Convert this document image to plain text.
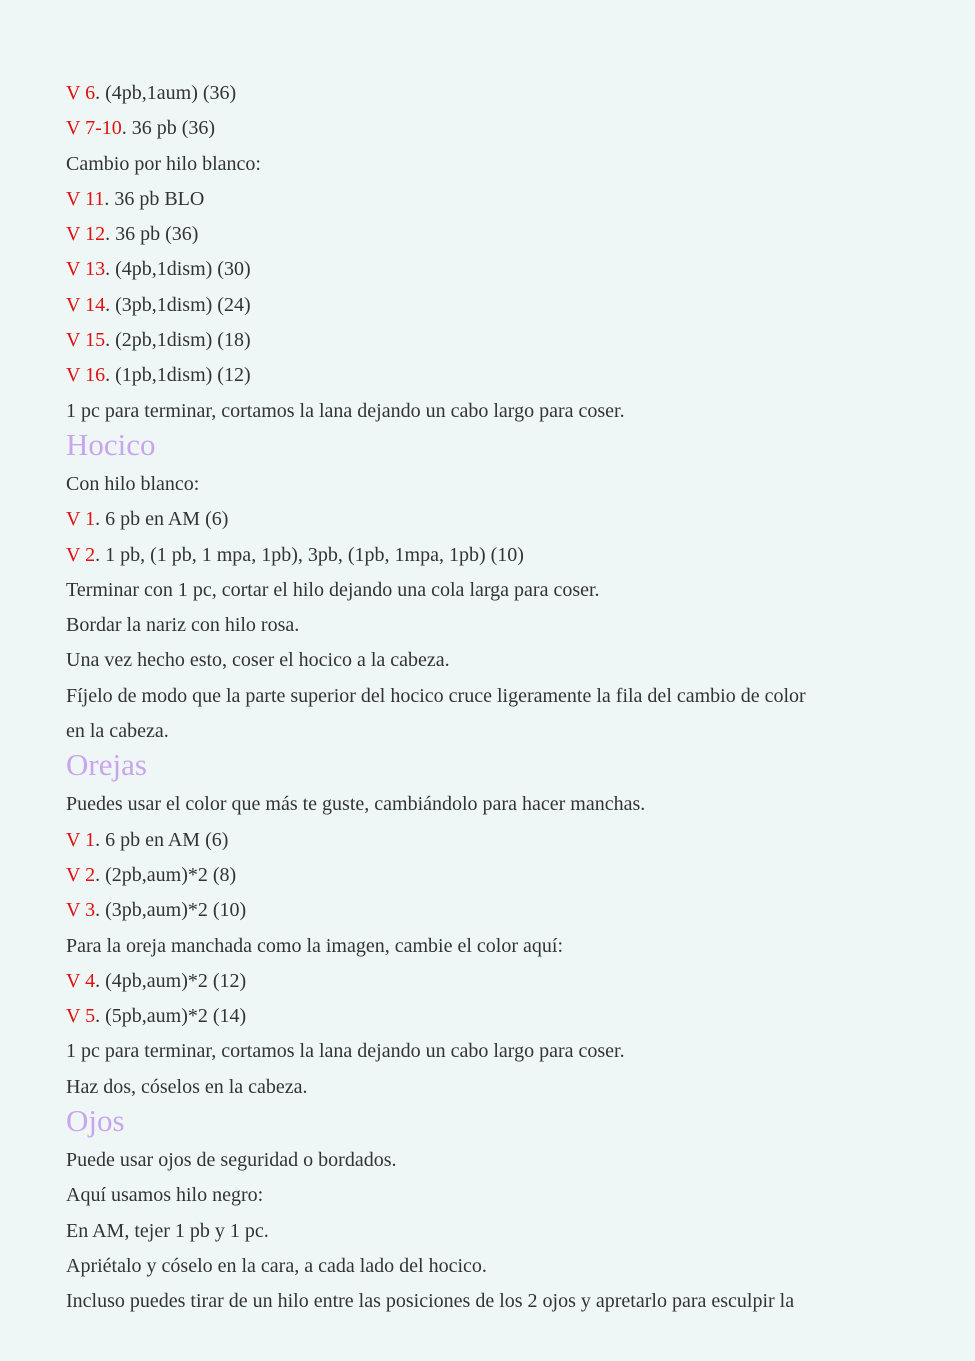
V 6. (4pb,1aum) (36)
V 7-10. 36 pb (36)
Cambio por hilo blanco:
V 11. 36 pb BLO
V 12. 36 pb (36)
V 13. (4pb,1dism) (30)
V 14. (3pb,1dism) (24)
V 15. (2pb,1dism) (18)
V 16. (1pb,1dism) (12)
1 pc para terminar, cortamos la lana dejando un cabo largo para coser.
Hocico
Con hilo blanco:
V 1. 6 pb en AM (6)
V 2. 1 pb, (1 pb, 1 mpa, 1pb), 3pb, (1pb, 1mpa, 1pb) (10)
Terminar con 1 pc, cortar el hilo dejando una cola larga para coser.
Bordar la nariz con hilo rosa.
Una vez hecho esto, coser el hocico a la cabeza.
Fíjelo de modo que la parte superior del hocico cruce ligeramente la fila del cambio de color
en la cabeza.
Orejas
Puedes usar el color que más te guste, cambiándolo para hacer manchas.
V 1. 6 pb en AM (6)
V 2. (2pb,aum)*2 (8)
V 3. (3pb,aum)*2 (10)
Para la oreja manchada como la imagen, cambie el color aquí:
V 4. (4pb,aum)*2 (12)
V 5. (5pb,aum)*2 (14)
1 pc para terminar, cortamos la lana dejando un cabo largo para coser.
Haz dos, cóselos en la cabeza.
Ojos
Puede usar ojos de seguridad o bordados.
Aquí usamos hilo negro:
En AM, tejer 1 pb y 1 pc.
Apriétalo y cóselo en la cara, a cada lado del hocico.
Incluso puedes tirar de un hilo entre las posiciones de los 2 ojos y apretarlo para esculpir la
